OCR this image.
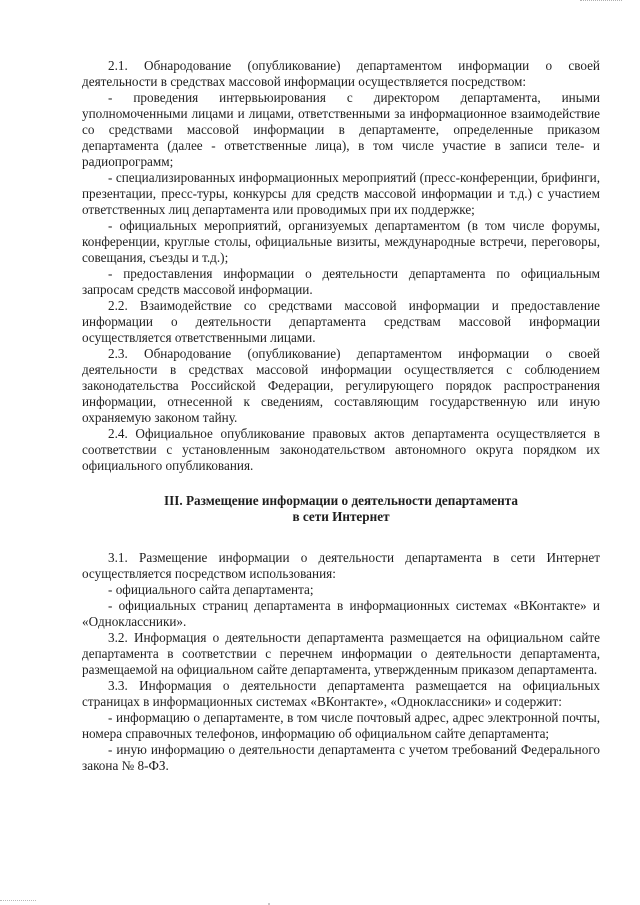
2.1. Обнародование (опубликование) департаментом информации о своей деятельности в средствах массовой информации осуществляется посредством:

- проведения интервьюирования с директором департамента, иными уполномоченными лицами и лицами, ответственными за информационное взаимодействие со средствами массовой информации в департаменте, определенные приказом департамента (далее - ответственные лица), в том числе участие в записи теле- и радиопрограмм;

- специализированных информационных мероприятий (пресс-конференции, брифинги, презентации, пресс-туры, конкурсы для средств массовой информации и т.д.) с участием ответственных лиц департамента или проводимых при их поддержке;

- официальных мероприятий, организуемых департаментом (в том числе форумы, конференции, круглые столы, официальные визиты, международные встречи, переговоры, совещания, съезды и т.д.);

- предоставления информации о деятельности департамента по официальным запросам средств массовой информации.

2.2. Взаимодействие со средствами массовой информации и предоставление информации о деятельности департамента средствам массовой информации осуществляется ответственными лицами.

2.3. Обнародование (опубликование) департаментом информации о своей деятельности в средствах массовой информации осуществляется с соблюдением законодательства Российской Федерации, регулирующего порядок распространения информации, отнесенной к сведениям, составляющим государственную или иную охраняемую законом тайну.

2.4. Официальное опубликование правовых актов департамента осуществляется в соответствии с установленным законодательством автономного округа порядком их официального опубликования.

III. Размещение информации о деятельности департамента
в сети Интернет

3.1. Размещение информации о деятельности департамента в сети Интернет осуществляется посредством использования:

- официального сайта департамента;

- официальных страниц департамента в информационных системах «ВКонтакте» и «Одноклассники».

3.2. Информация о деятельности департамента размещается на официальном сайте департамента в соответствии с перечнем информации о деятельности департамента, размещаемой на официальном сайте департамента, утвержденным приказом департамента.

3.3. Информация о деятельности департамента размещается на официальных страницах в информационных системах «ВКонтакте», «Одноклассники» и содержит:

- информацию о департаменте, в том числе почтовый адрес, адрес электронной почты, номера справочных телефонов, информацию об официальном сайте департамента;

- иную информацию о деятельности департамента с учетом требований Федерального закона № 8-ФЗ.
